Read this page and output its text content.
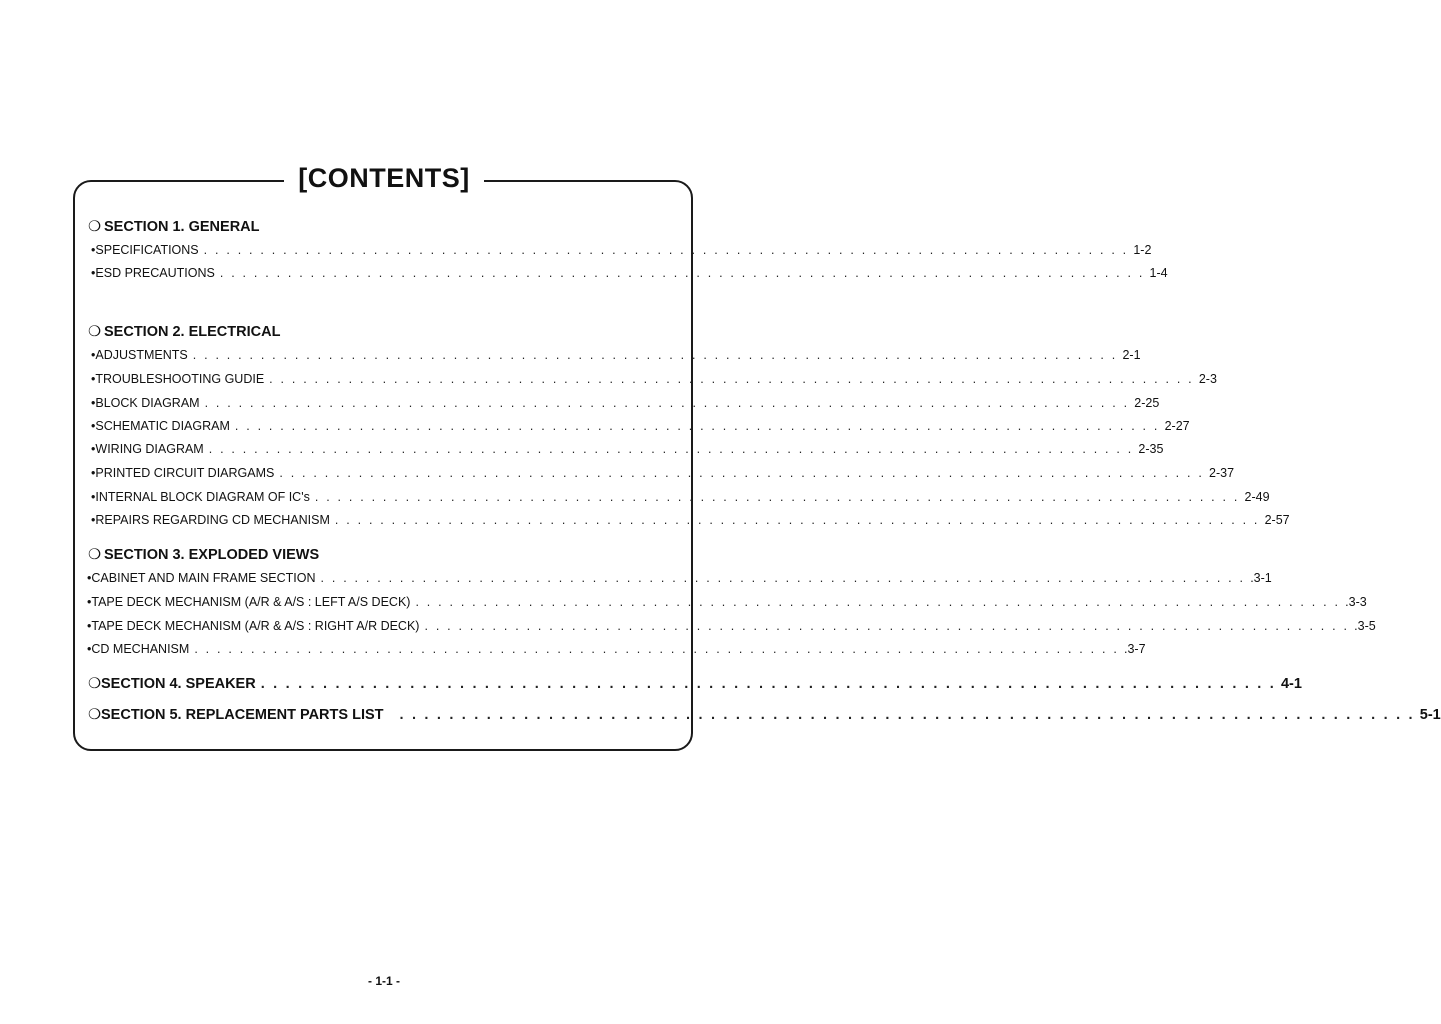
[CONTENTS]
❍ SECTION 1. GENERAL
• SPECIFICATIONS . . . . . . . . . . . . . . . . . . . . . . . . . . . . . . . . . . . . . . . . . . . . . . . . . . . . . . . . . . . . . . . . . . . . . . . . . . . . . . . . . . 1-2
• ESD PRECAUTIONS . . . . . . . . . . . . . . . . . . . . . . . . . . . . . . . . . . . . . . . . . . . . . . . . . . . . . . . . . . . . . . . . . . . . . . . . . . . . . . . . . . 1-4
❍ SECTION 2. ELECTRICAL
• ADJUSTMENTS . . . . . . . . . . . . . . . . . . . . . . . . . . . . . . . . . . . . . . . . . . . . . . . . . . . . . . . . . . . . . . . . . . . . . . . . . . . . . . . . . . 2-1
• TROUBLESHOOTING GUDIE . . . . . . . . . . . . . . . . . . . . . . . . . . . . . . . . . . . . . . . . . . . . . . . . . . . . . . . . . . . . . . . . . . . . . . . . . . . . . . . . . . 2-3
• BLOCK DIAGRAM . . . . . . . . . . . . . . . . . . . . . . . . . . . . . . . . . . . . . . . . . . . . . . . . . . . . . . . . . . . . . . . . . . . . . . . . . . . . . . . . . . 2-25
• SCHEMATIC DIAGRAM . . . . . . . . . . . . . . . . . . . . . . . . . . . . . . . . . . . . . . . . . . . . . . . . . . . . . . . . . . . . . . . . . . . . . . . . . . . . . . . . . . 2-27
• WIRING DIAGRAM . . . . . . . . . . . . . . . . . . . . . . . . . . . . . . . . . . . . . . . . . . . . . . . . . . . . . . . . . . . . . . . . . . . . . . . . . . . . . . . . . . 2-35
• PRINTED CIRCUIT DIARGAMS . . . . . . . . . . . . . . . . . . . . . . . . . . . . . . . . . . . . . . . . . . . . . . . . . . . . . . . . . . . . . . . . . . . . . . . . . . . . . . . . . . 2-37
• INTERNAL BLOCK DIAGRAM OF IC's . . . . . . . . . . . . . . . . . . . . . . . . . . . . . . . . . . . . . . . . . . . . . . . . . . . . . . . . . . . . . . . . . . . . . . . . . . . . . . . . . . 2-49
• REPAIRS REGARDING CD MECHANISM . . . . . . . . . . . . . . . . . . . . . . . . . . . . . . . . . . . . . . . . . . . . . . . . . . . . . . . . . . . . . . . . . . . . . . . . . . . . . . . . . . 2-57
❍ SECTION 3. EXPLODED VIEWS
• CABINET AND MAIN FRAME SECTION . . . . . . . . . . . . . . . . . . . . . . . . . . . . . . . . . . . . . . . . . . . . . . . . . . . . . . . . . . . . . . . . . . . . . . . . . . . . . . . . . . .3-1
• TAPE DECK MECHANISM (A/R & A/S : LEFT A/S DECK) . . . . . . . . . . . . . . . . . . . . . . . . . . . . . . . . . . . . . . . . . . . . . . . . . . . . . . . . . . . . . . . . . . . . . . . . . . . . . . . . . . .3-3
• TAPE DECK MECHANISM (A/R & A/S : RIGHT A/R DECK) . . . . . . . . . . . . . . . . . . . . . . . . . . . . . . . . . . . . . . . . . . . . . . . . . . . . . . . . . . . . . . . . . . . . . . . . . . . . . . . . . . .3-5
• CD MECHANISM . . . . . . . . . . . . . . . . . . . . . . . . . . . . . . . . . . . . . . . . . . . . . . . . . . . . . . . . . . . . . . . . . . . . . . . . . . . . . . . . . . .3-7
❍ SECTION 4. SPEAKER . . . . . . . . . . . . . . . . . . . . . . . . . . . . . . . . . . . . . . . . . . . . . . . . . . . . . . . . . . . . . . . . . . . . . . . . . . . . . . . . . . 4-1
❍ SECTION 5. REPLACEMENT PARTS LIST . . . . . . . . . . . . . . . . . . . . . . . . . . . . . . . . . . . . . . . . . . . . . . . . . . . . . . . . . . . . . . . . . . . . . . . . . . . . . . . . . . 5-1
- 1-1 -
